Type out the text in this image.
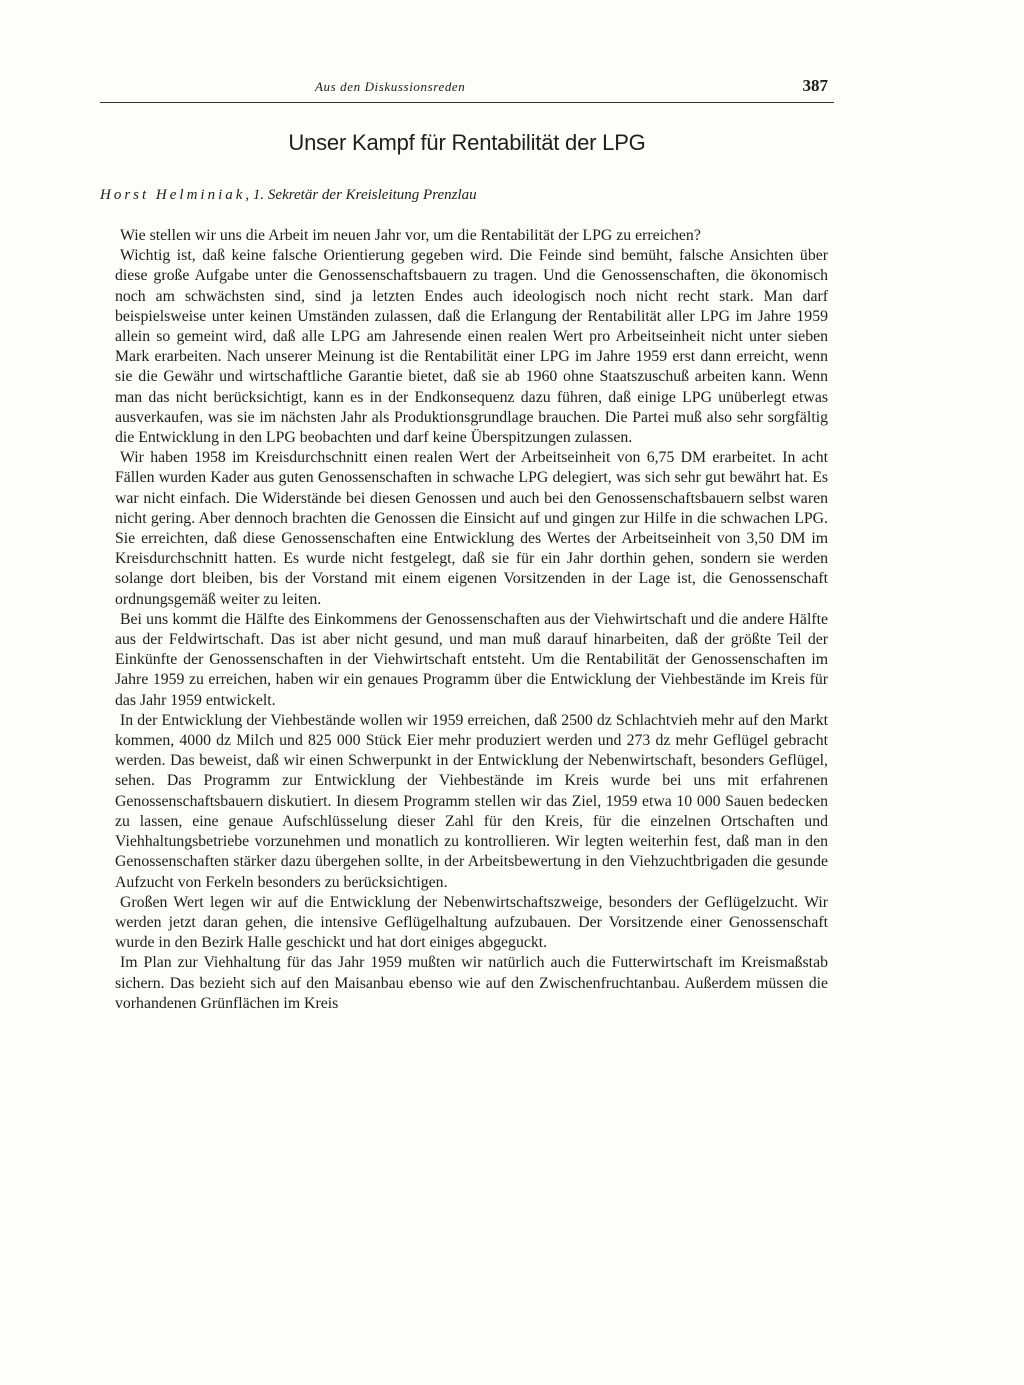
Aus den Diskussionsreden	387
Unser Kampf für Rentabilität der LPG
Horst Helminiak, 1. Sekretär der Kreisleitung Prenzlau

Wie stellen wir uns die Arbeit im neuen Jahr vor, um die Rentabilität der LPG zu erreichen?

Wichtig ist, daß keine falsche Orientierung gegeben wird. Die Feinde sind bemüht, falsche Ansichten über diese große Aufgabe unter die Genossenschaftsbauern zu tragen. Und die Genossenschaften, die ökonomisch noch am schwächsten sind, sind ja letzten Endes auch ideologisch noch nicht recht stark. Man darf beispielsweise unter keinen Umständen zulassen, daß die Erlangung der Rentabilität aller LPG im Jahre 1959 allein so gemeint wird, daß alle LPG am Jahresende einen realen Wert pro Arbeitseinheit nicht unter sieben Mark erarbeiten. Nach unserer Meinung ist die Rentabilität einer LPG im Jahre 1959 erst dann erreicht, wenn sie die Gewähr und wirtschaftliche Garantie bietet, daß sie ab 1960 ohne Staatszuschuß arbeiten kann. Wenn man das nicht berücksichtigt, kann es in der Endkonsequenz dazu führen, daß einige LPG unüberlegt etwas ausverkaufen, was sie im nächsten Jahr als Produktionsgrundlage brauchen. Die Partei muß also sehr sorgfältig die Entwicklung in den LPG beobachten und darf keine Überspitzungen zulassen.

Wir haben 1958 im Kreisdurchschnitt einen realen Wert der Arbeitseinheit von 6,75 DM erarbeitet. In acht Fällen wurden Kader aus guten Genossenschaften in schwache LPG delegiert, was sich sehr gut bewährt hat. Es war nicht einfach. Die Widerstände bei diesen Genossen und auch bei den Genossenschaftsbauern selbst waren nicht gering. Aber dennoch brachten die Genossen die Einsicht auf und gingen zur Hilfe in die schwachen LPG. Sie erreichten, daß diese Genossenschaften eine Entwicklung des Wertes der Arbeitseinheit von 3,50 DM im Kreisdurchschnitt hatten. Es wurde nicht festgelegt, daß sie für ein Jahr dorthin gehen, sondern sie werden solange dort bleiben, bis der Vorstand mit einem eigenen Vorsitzenden in der Lage ist, die Genossenschaft ordnungsgemäß weiter zu leiten.

Bei uns kommt die Hälfte des Einkommens der Genossenschaften aus der Viehwirtschaft und die andere Hälfte aus der Feldwirtschaft. Das ist aber nicht gesund, und man muß darauf hinarbeiten, daß der größte Teil der Einkünfte der Genossenschaften in der Viehwirtschaft entsteht. Um die Rentabilität der Genossenschaften im Jahre 1959 zu erreichen, haben wir ein genaues Programm über die Entwicklung der Viehbestände im Kreis für das Jahr 1959 entwickelt.

In der Entwicklung der Viehbestände wollen wir 1959 erreichen, daß 2500 dz Schlachtvieh mehr auf den Markt kommen, 4000 dz Milch und 825 000 Stück Eier mehr produziert werden und 273 dz mehr Geflügel gebracht werden. Das beweist, daß wir einen Schwerpunkt in der Entwicklung der Nebenwirtschaft, besonders Geflügel, sehen. Das Programm zur Entwicklung der Viehbestände im Kreis wurde bei uns mit erfahrenen Genossenschaftsbauern diskutiert. In diesem Programm stellen wir das Ziel, 1959 etwa 10 000 Sauen bedecken zu lassen, eine genaue Aufschlüsselung dieser Zahl für den Kreis, für die einzelnen Ortschaften und Viehhaltungsbetriebe vorzunehmen und monatlich zu kontrollieren. Wir legten weiterhin fest, daß man in den Genossenschaften stärker dazu übergehen sollte, in der Arbeitsbewertung in den Viehzuchtbrigaden die gesunde Aufzucht von Ferkeln besonders zu berücksichtigen.

Großen Wert legen wir auf die Entwicklung der Nebenwirtschaftszweige, besonders der Geflügelzucht. Wir werden jetzt daran gehen, die intensive Geflügelhaltung aufzubauen. Der Vorsitzende einer Genossenschaft wurde in den Bezirk Halle geschickt und hat dort einiges abgeguckt.

Im Plan zur Viehhaltung für das Jahr 1959 mußten wir natürlich auch die Futterwirtschaft im Kreismaßstab sichern. Das bezieht sich auf den Maisanbau ebenso wie auf den Zwischenfruchtanbau. Außerdem müssen die vorhandenen Grünflächen im Kreis
